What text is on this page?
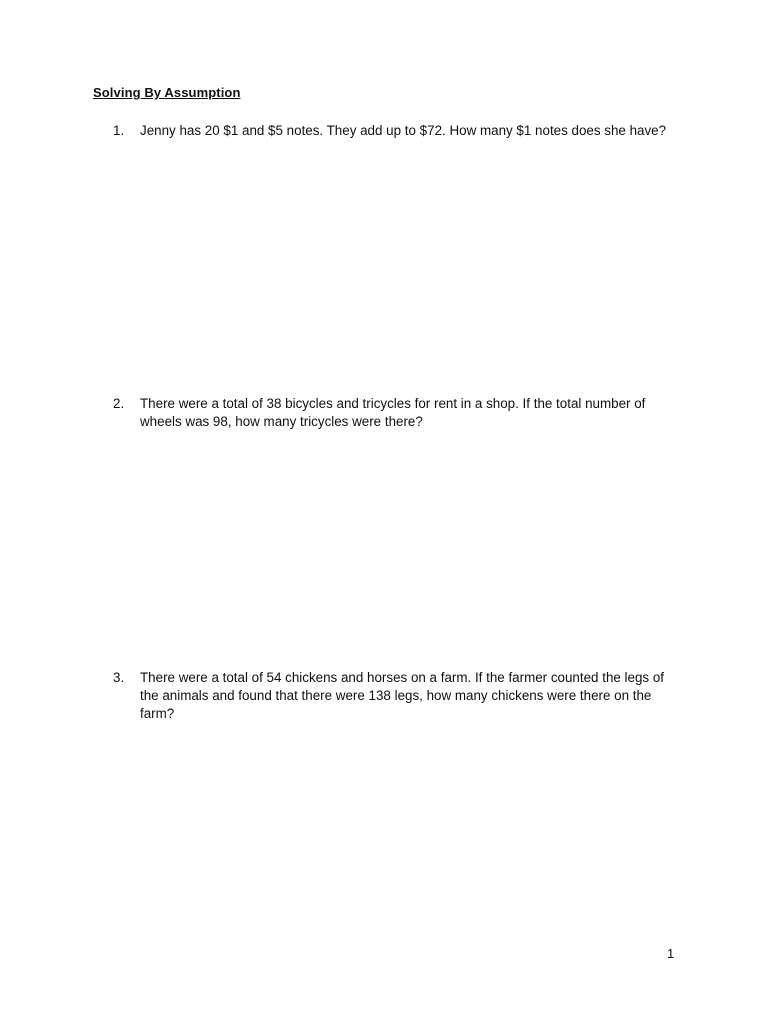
Solving By Assumption
1.	Jenny has 20 $1 and $5 notes. They add up to $72. How many $1 notes does she have?
2.	There were a total of 38 bicycles and tricycles for rent in a shop. If the total number of wheels was 98, how many tricycles were there?
3.	There were a total of 54 chickens and horses on a farm. If the farmer counted the legs of the animals and found that there were 138 legs, how many chickens were there on the farm?
1
